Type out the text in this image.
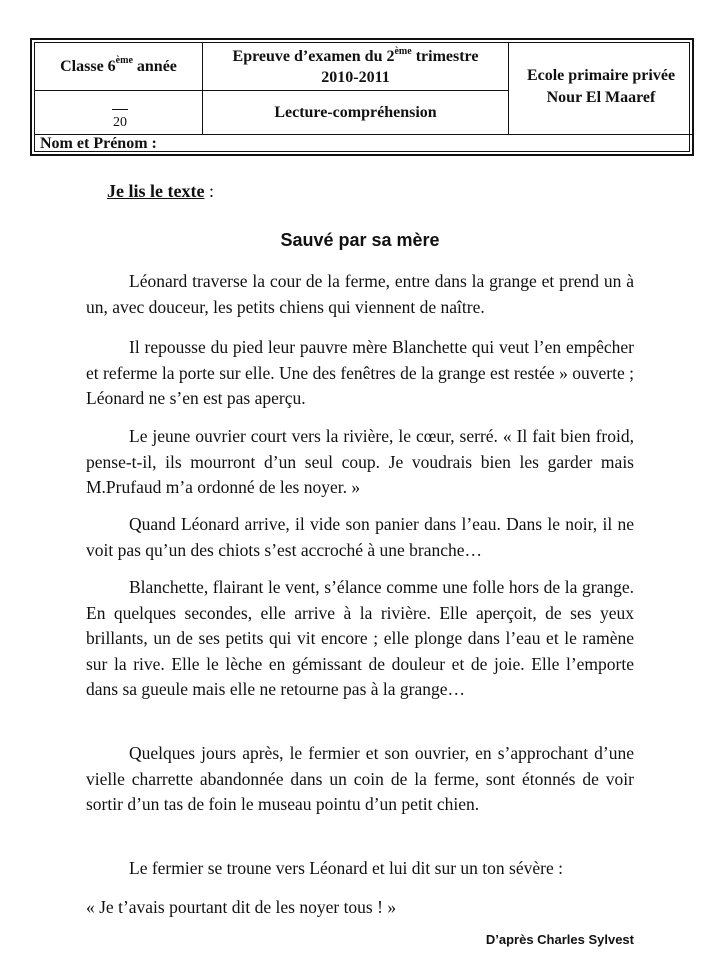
Classe 6ème année
Epreuve d’examen du 2ème trimestre
2010-2011	Ecole primaire privée
Nour El Maaref
20
Lecture-compréhension
Nom et Prénom :
Je lis le texte :
Sauvé par sa mère

Léonard traverse la cour de la ferme, entre dans la grange et prend un à un, avec douceur, les petits chiens qui viennent de naître.

Il repousse du pied leur pauvre mère Blanchette qui veut l’en empêcher et referme la porte sur elle. Une des fenêtres de la grange est restée » ouverte ; Léonard ne s’en est pas aperçu.

Le jeune ouvrier court vers la rivière, le cœur, serré. « Il fait bien froid, pense-t-il, ils mourront d’un seul coup. Je voudrais bien les garder mais M.Prufaud m’a ordonné de les noyer. »

Quand Léonard arrive, il vide son panier dans l’eau. Dans le noir, il ne voit pas qu’un des chiots s’est accroché à une branche…

Blanchette, flairant le vent, s’élance comme une folle hors de la grange. En quelques secondes, elle arrive à la rivière. Elle aperçoit, de ses yeux brillants, un de ses petits qui vit encore ; elle plonge dans l’eau et le ramène sur la rive. Elle le lèche en gémissant de douleur et de joie. Elle l’emporte dans sa gueule mais elle ne retourne pas à la grange…

Quelques jours après, le fermier et son ouvrier, en s’approchant d’une vielle charrette abandonnée dans un coin de la ferme, sont étonnés de voir sortir d’un tas de foin le museau pointu d’un petit chien.

Le fermier se troune vers Léonard et lui dit sur un ton sévère :

« Je t’avais pourtant dit de les noyer tous ! »

D’après Charles Sylvest
